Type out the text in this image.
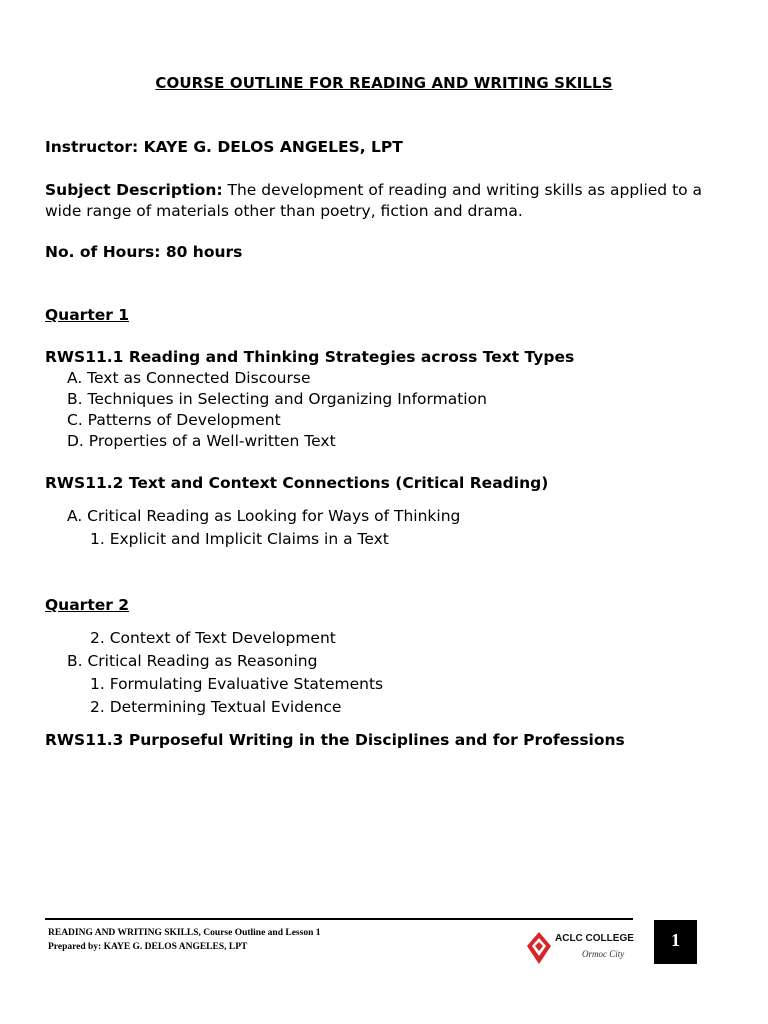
COURSE OUTLINE FOR READING AND WRITING SKILLS
Instructor: KAYE G. DELOS ANGELES, LPT
Subject Description: The development of reading and writing skills as applied to a wide range of materials other than poetry, fiction and drama.
No. of Hours: 80 hours
Quarter 1
RWS11.1 Reading and Thinking Strategies across Text Types
A. Text as Connected Discourse
B. Techniques in Selecting and Organizing Information
C. Patterns of Development
D. Properties of a Well-written Text
RWS11.2 Text and Context Connections (Critical Reading)
A. Critical Reading as Looking for Ways of Thinking
1. Explicit and Implicit Claims in a Text
Quarter 2
2. Context of Text Development
B. Critical Reading as Reasoning
1. Formulating Evaluative Statements
2. Determining Textual Evidence
RWS11.3 Purposeful Writing in the Disciplines and for Professions
READING AND WRITING SKILLS, Course Outline and Lesson 1
Prepared by: KAYE G. DELOS ANGELES, LPT
ACLC COLLEGE
Ormoc City
1
